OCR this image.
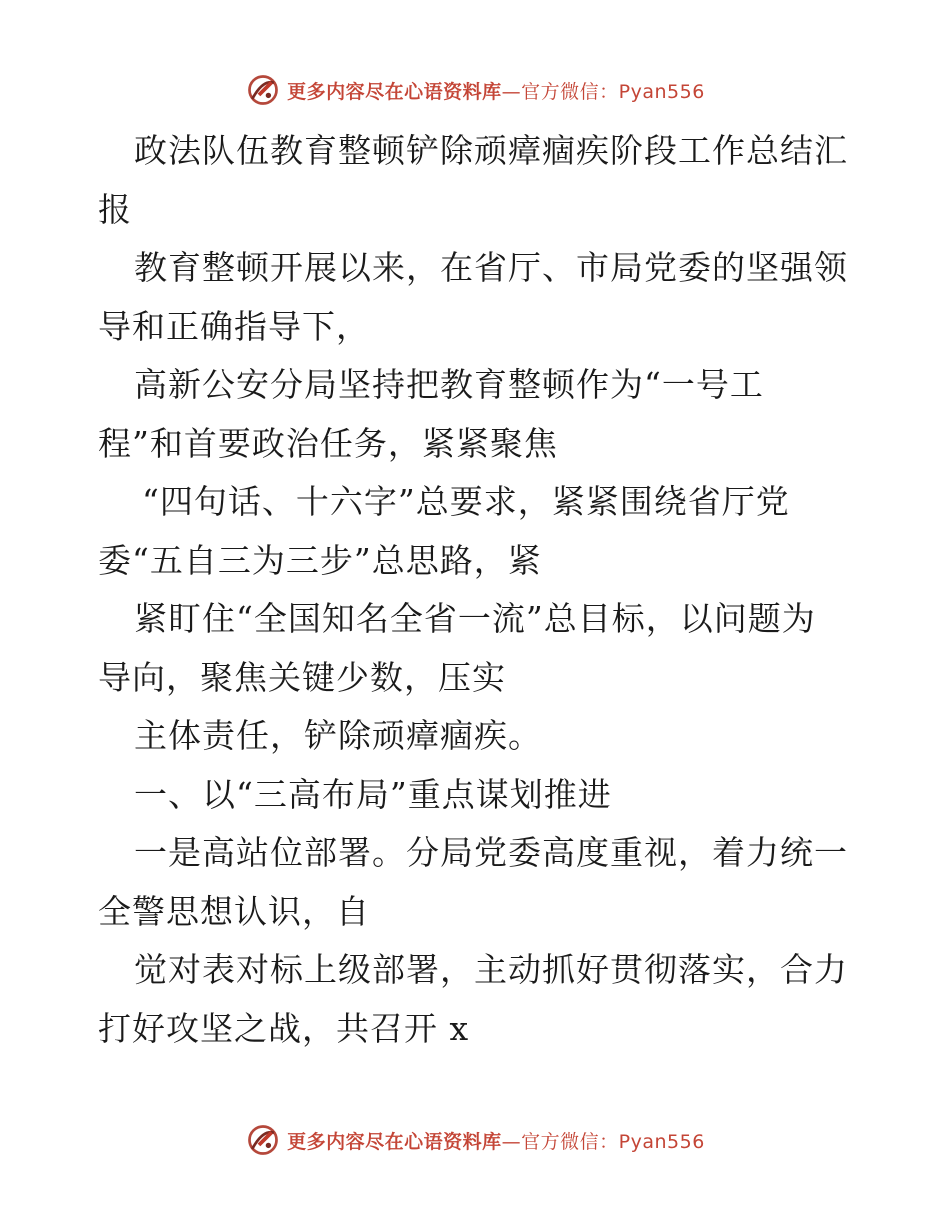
更多内容尽在心语资料库—官方微信：Pyan556
政法队伍教育整顿铲除顽瘴痼疾阶段工作总结汇
报
教育整顿开展以来，在省厅、市局党委的坚强领
导和正确指导下，
高新公安分局坚持把教育整顿作为“一号工
程”和首要政治任务，紧紧聚焦
“四句话、十六字”总要求，紧紧围绕省厅党
委“五自三为三步”总思路，紧
紧盯住“全国知名全省一流”总目标，以问题为
导向，聚焦关键少数，压实
主体责任，铲除顽瘴痼疾。
一、以“三高布局”重点谋划推进
一是高站位部署。分局党委高度重视，着力统一
全警思想认识，自
觉对表对标上级部署，主动抓好贯彻落实，合力
打好攻坚之战，共召开 x
更多内容尽在心语资料库—官方微信：Pyan556
